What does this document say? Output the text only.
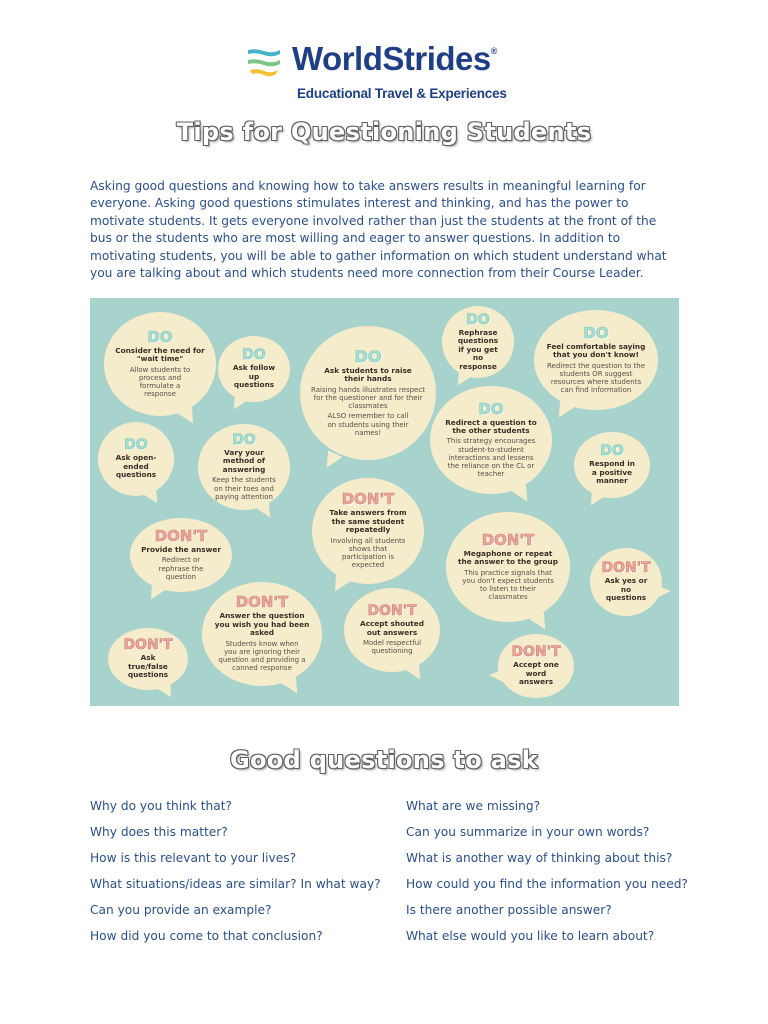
WorldStrides®
Educational Travel & Experiences
Tips for Questioning Students

Asking good questions and knowing how to take answers results in meaningful learning for everyone. Asking good questions stimulates interest and thinking, and has the power to motivate students. It gets everyone involved rather than just the students at the front of the bus or the students who are most willing and eager to answer questions. In addition to motivating students, you will be able to gather information on which student understand what you are talking about and which students need more connection from their Course Leader.

DO
Consider the need for "wait time"
Allow students to process and formulate a response
DO
Ask follow up questions
DO
Ask students to raise their hands
Raising hands illustrates respect for the questioner and for their classmates
ALSO remember to call on students using their names!
DO
Rephrase questions if you get no response
DO
Feel comfortable saying that you don't know!
Redirect the question to the students OR suggest resources where students can find information
DO
Ask open-ended questions
DO
Vary your method of answering
Keep the students on their toes and paying attention
DO
Redirect a question to the other students
This strategy encourages student-to-student interactions and lessens the reliance on the CL or teacher
DO
Respond in a positive manner
DON'T
Take answers from the same student repeatedly
Involving all students shows that participation is expected
DON'T
Provide the answer
Redirect or rephrase the question
DON'T
Megaphone or repeat the answer to the group
This practice signals that you don't expect students to listen to their classmates
DON'T
Ask yes or no questions
DON'T
Answer the question you wish you had been asked
Students know when you are ignoring their question and providing a canned response
DON'T
Accept shouted out answers
Model respectful questioning
DON'T
Ask true/false questions
DON'T
Accept one word answers
Good questions to ask
Why do you think that?
Why does this matter?
How is this relevant to your lives?
What situations/ideas are similar? In what way?
Can you provide an example?
How did you come to that conclusion?
What are we missing?
Can you summarize in your own words?
What is another way of thinking about this?
How could you find the information you need?
Is there another possible answer?
What else would you like to learn about?
